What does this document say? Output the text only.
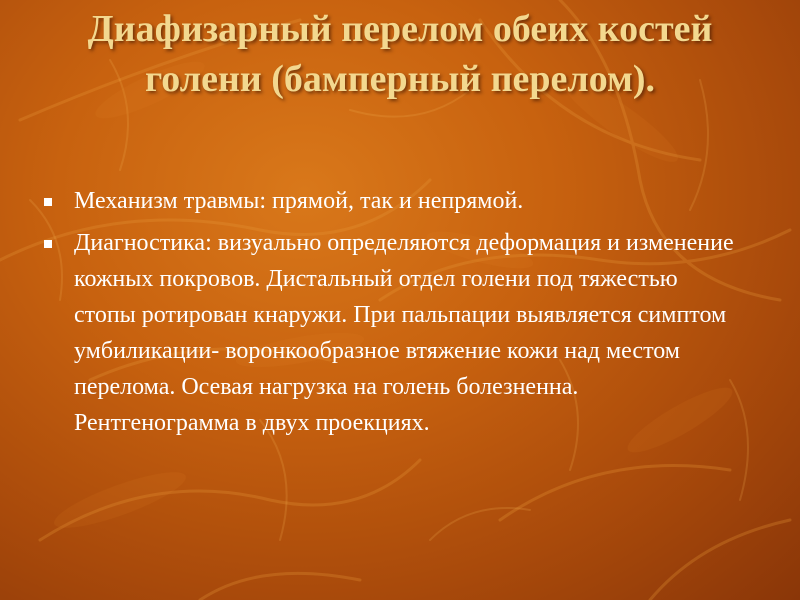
Диафизарный перелом обеих костей голени (бамперный перелом).
Механизм травмы: прямой, так и непрямой.
Диагностика: визуально определяются деформация и изменение кожных покровов. Дистальный отдел голени под тяжестью стопы ротирован кнаружи. При пальпации выявляется симптом умбиликации- воронкообразное втяжение кожи над местом перелома. Осевая нагрузка на голень болезненна. Рентгенограмма в двух проекциях.
